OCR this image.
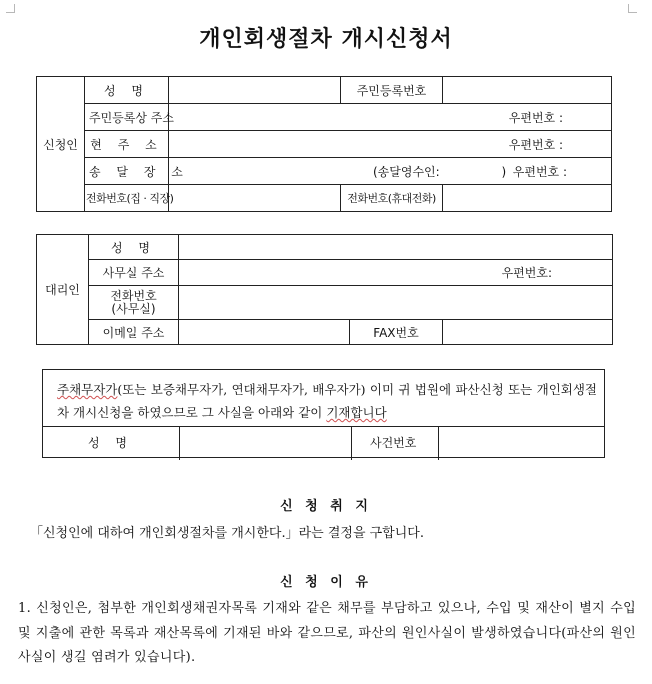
개인회생절차 개시신청서
신청인	성 명		주민등록번호	
	주민등록상 주소	우편번호 :		

	현 주 소	우편번호 :		

	송 달 장 소	(송달영수인: ) 우편번호 :		

	전화번호(집 · 직장)		전화번호(휴대전화)	
대리인	성 명			
	사무실 주소	우편번호:		

	전화번호
(사무실)			
	이메일 주소		FAX번호	
주채무자가(또는 보증채무자가, 연대채무자가, 배우자가) 이미 귀 법원에 파산신청 또는 개인회생절차 개시신청을 하였으므로 그 사실을 아래와 같이 기재합니다
성 명	사건번호
신 청 취 지
「신청인에 대하여 개인회생절차를 개시한다.」라는 결정을 구합니다.
신 청 이 유
1. 신청인은, 첨부한 개인회생채권자목록 기재와 같은 채무를 부담하고 있으나, 수입 및 재산이 별지 수입 및 지출에 관한 목록과 재산목록에 기재된 바와 같으므로, 파산의 원인사실이 발생하였습니다(파산의 원인사실이 생길 염려가 있습니다).
